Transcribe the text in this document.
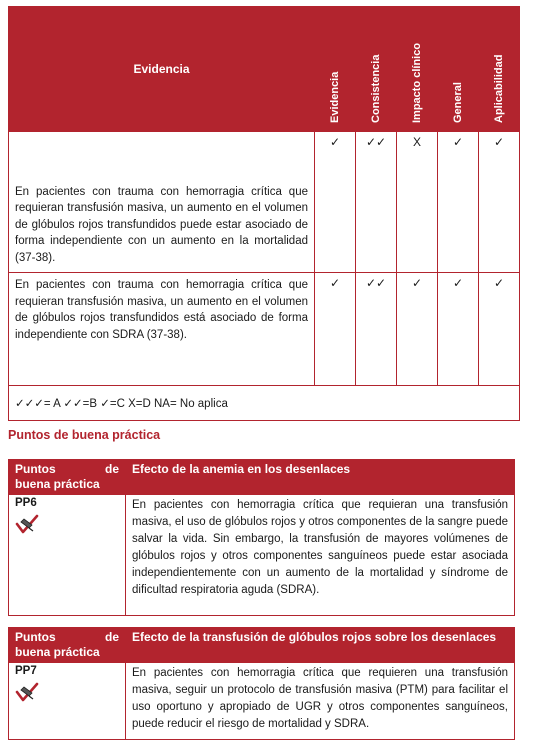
Evidencia	Evidencia	Consistencia	Impacto clínico	General	Aplicabilidad

En pacientes con trauma con hemorragia crítica que requieran transfusión masiva, un aumento en el volumen de glóbulos rojos transfundidos puede estar asociado de forma independiente con un aumento en la mortalidad (37-38).	✓	✓✓	X	✓	✓
En pacientes con trauma con hemorragia crítica que requieran transfusión masiva, un aumento en el volumen de glóbulos rojos transfundidos está asociado de forma independiente con SDRA (37-38).	✓	✓✓	✓	✓	✓
✓✓✓= A ✓✓=B ✓=C X=D NA= No aplica					
Puntos de buena práctica
Puntos de
buena práctica	Efecto de la anemia en los desenlaces
PP6	En pacientes con hemorragia crítica que requieran una transfusión masiva, el uso de glóbulos rojos y otros componentes de la sangre puede salvar la vida. Sin embargo, la transfusión de mayores volúmenes de glóbulos rojos y otros componentes sanguíneos puede estar asociada independientemente con un aumento de la mortalidad y síndrome de dificultad respiratoria aguda (SDRA).
Puntos de
buena práctica	Efecto de la transfusión de glóbulos rojos sobre los desenlaces
PP7	En pacientes con hemorragia crítica que requieren una transfusión masiva, seguir un protocolo de transfusión masiva (PTM) para facilitar el uso oportuno y apropiado de UGR y otros componentes sanguíneos, puede reducir el riesgo de mortalidad y SDRA.
